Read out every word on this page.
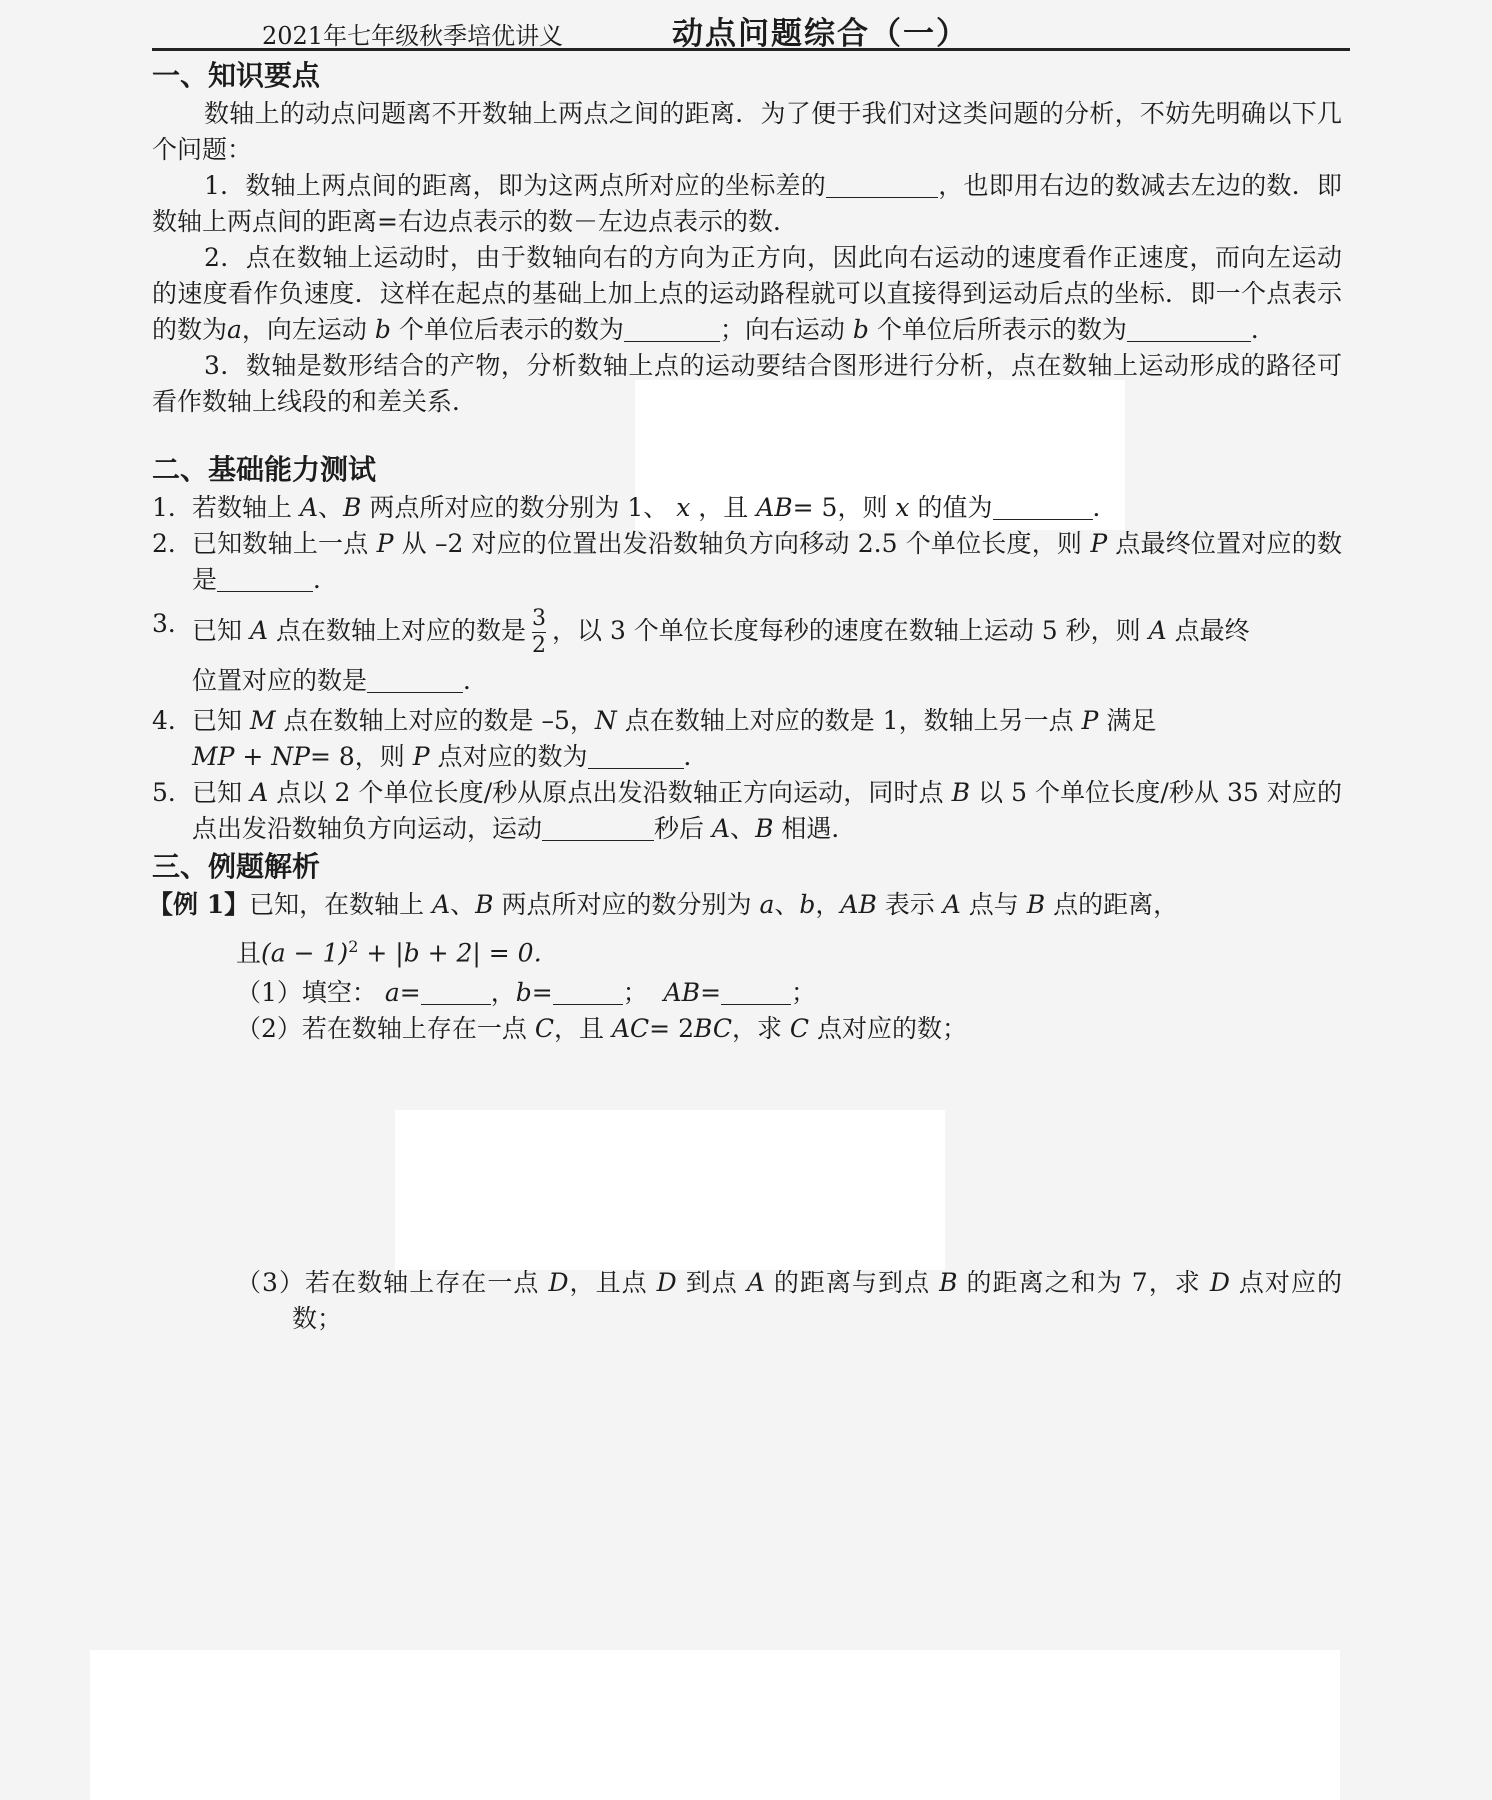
2021年七年级秋季培优讲义	动点问题综合（一）
一、知识要点

数轴上的动点问题离不开数轴上两点之间的距离．为了便于我们对这类问题的分析，不妨先明确以下几个问题：

1．数轴上两点间的距离，即为这两点所对应的坐标差的	，也即用右边的数减去左边的数．即数轴上两点间的距离=右边点表示的数－左边点表示的数．

2．点在数轴上运动时，由于数轴向右的方向为正方向，因此向右运动的速度看作正速度，而向左运动的速度看作负速度．这样在起点的基础上加上点的运动路程就可以直接得到运动后点的坐标．即一个点表示的数为a，向左运动 b 个单位后表示的数为	；向右运动 b 个单位后所表示的数为	．

3．数轴是数形结合的产物，分析数轴上点的运动要结合图形进行分析，点在数轴上运动形成的路径可看作数轴上线段的和差关系．

二、基础能力测试
1． 若数轴上 A、B 两点所对应的数分别为 1、 x ，且 AB= 5，则 x 的值为	．
2． 已知数轴上一点 P 从 –2 对应的位置出发沿数轴负方向移动 2.5 个单位长度，则 P 点最终位置对应的数是	．
3． 已知 A 点在数轴上对应的数是 $\frac{3}{2}$ ，以 3 个单位长度每秒的速度在数轴上运动 5 秒，则 A 点最终
位置对应的数是	．
4． 已知 M 点在数轴上对应的数是 –5，N 点在数轴上对应的数是 1，数轴上另一点 P 满足
MP + NP= 8，则 P 点对应的数为	．
5． 已知 A 点以 2 个单位长度/秒从原点出发沿数轴正方向运动，同时点 B 以 5 个单位长度/秒从 35 对应的点出发沿数轴负方向运动，运动	秒后 A、B 相遇．
三、例题解析

【例 1】已知，在数轴上 A、B 两点所对应的数分别为 a、b，AB 表示 A 点与 B 点的距离，

且$(a - 1)^2 + |b + 2| = 0$．

（1）填空： a=	，b=	； AB=	；

（2）若在数轴上存在一点 C，且 AC= 2BC，求 C 点对应的数；

（3）若在数轴上存在一点 D，且点 D 到点 A 的距离与到点 B 的距离之和为 7，求 D 点对应的数；
